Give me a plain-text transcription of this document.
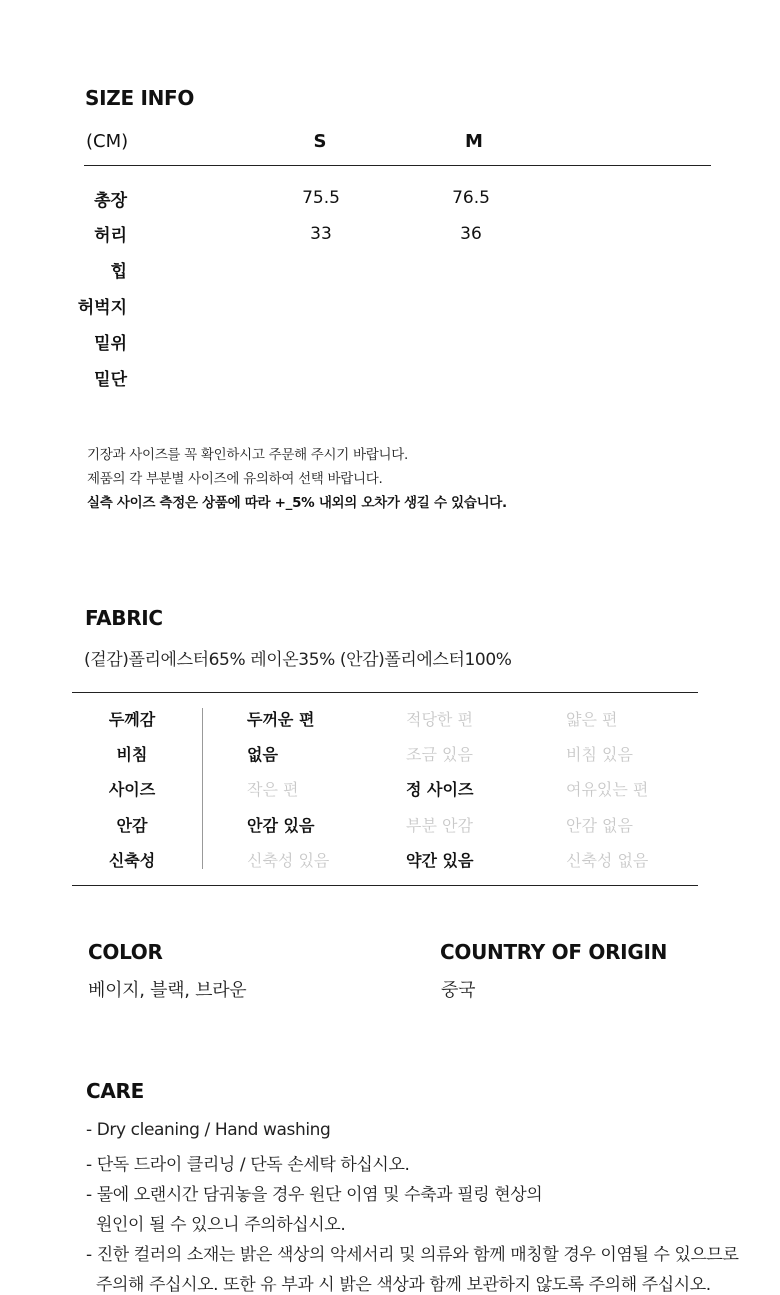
SIZE INFO
(CM)	S	M
총장	75.5	76.5
허리	33	36
힙
허벅지
밑위
밑단
기장과 사이즈를 꼭 확인하시고 주문해 주시기 바랍니다.
제품의 각 부분별 사이즈에 유의하여 선택 바랍니다.
실측 사이즈 측정은 상품에 따라 +_5% 내외의 오차가 생길 수 있습니다.
FABRIC
(겉감)폴리에스터65% 레이온35% (안감)폴리에스터100%
COLOR
베이지, 블랙, 브라운
COUNTRY OF ORIGIN
중국
CARE
- Dry cleaning / Hand washing
- 단독 드라이 클리닝 / 단독 손세탁 하십시오.
- 물에 오랜시간 담궈놓을 경우 원단 이염 및 수축과 필링 현상의
원인이 될 수 있으니 주의하십시오.
- 진한 컬러의 소재는 밝은 색상의 악세서리 및 의류와 함께 매칭할 경우 이염될 수 있으므로
주의해 주십시오. 또한 유 부과 시 밝은 색상과 함께 보관하지 않도록 주의해 주십시오.
두께감	두꺼운 편	적당한 편	얇은 편
비침	없음	조금 있음	비침 있음
사이즈	작은 편	정 사이즈	여유있는 편
안감	안감 있음	부분 안감	안감 없음
신축성	신축성 있음	약간 있음	신축성 없음
